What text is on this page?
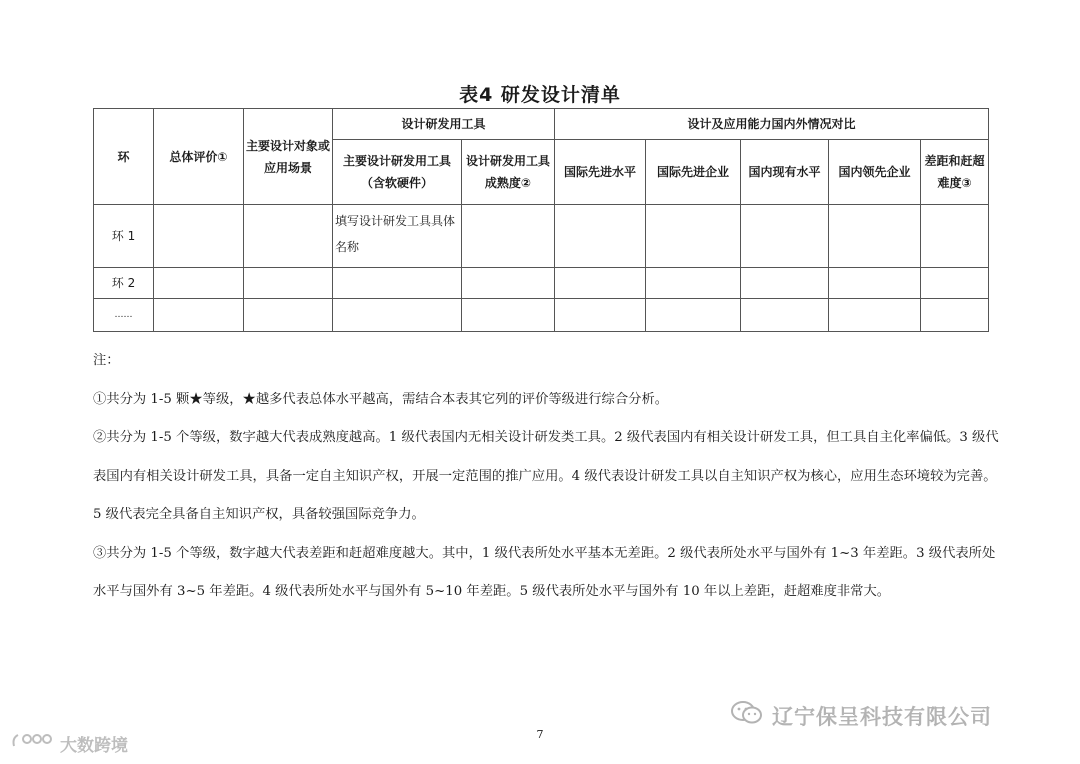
表4 研发设计清单
环	总体评价①	主要设计对象或应用场景	设计研发用工具		设计及应用能力国内外情况对比				
			主要设计研发用工具（含软硬件）	设计研发用工具成熟度②	国际先进水平	国际先进企业	国内现有水平	国内领先企业	差距和赶超难度③
环 1			填写设计研发工具具体名称						
环 2									
……									

注：

①共分为 1-5 颗★等级，★越多代表总体水平越高，需结合本表其它列的评价等级进行综合分析。

②共分为 1-5 个等级，数字越大代表成熟度越高。1 级代表国内无相关设计研发类工具。2 级代表国内有相关设计研发工具，但工具自主化率偏低。3 级代表国内有相关设计研发工具，具备一定自主知识产权，开展一定范围的推广应用。4 级代表设计研发工具以自主知识产权为核心，应用生态环境较为完善。5 级代表完全具备自主知识产权，具备较强国际竞争力。

③共分为 1-5 个等级，数字越大代表差距和赶超难度越大。其中，1 级代表所处水平基本无差距。2 级代表所处水平与国外有 1~3 年差距。3 级代表所处水平与国外有 3~5 年差距。4 级代表所处水平与国外有 5~10 年差距。5 级代表所处水平与国外有 10 年以上差距，赶超难度非常大。

7
辽宁保呈科技有限公司
大数跨境
